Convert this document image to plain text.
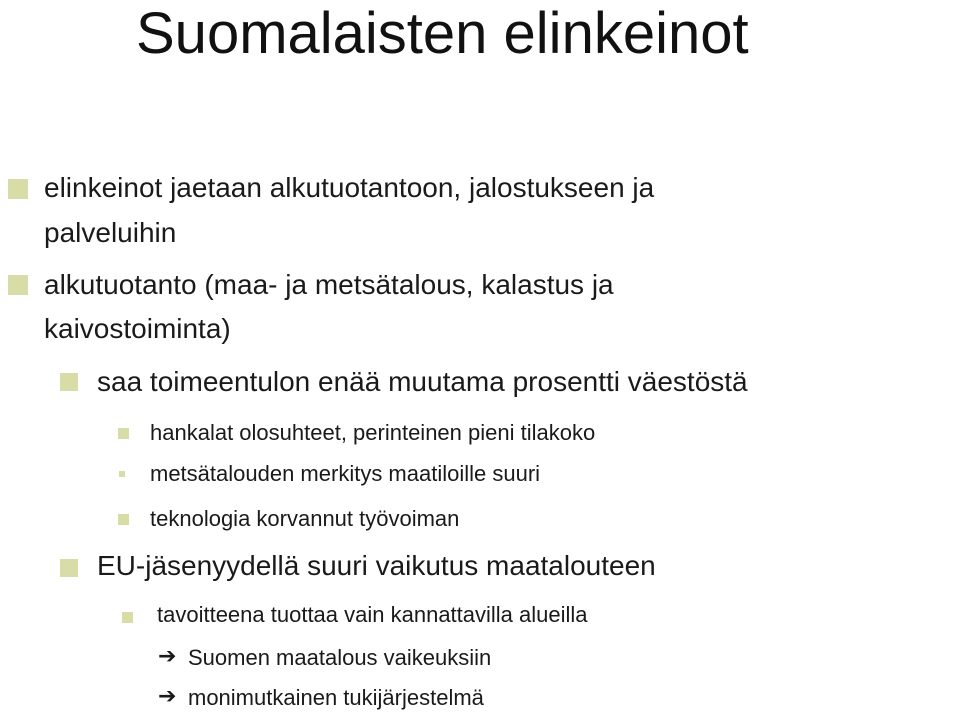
Suomalaisten elinkeinot
elinkeinot jaetaan alkutuotantoon, jalostukseen ja
palveluihin
alkutuotanto (maa- ja metsätalous, kalastus ja
kaivostoiminta)
saa toimeentulon enää muutama prosentti väestöstä
hankalat olosuhteet, perinteinen pieni tilakoko
metsätalouden merkitys maatiloille suuri
teknologia korvannut työvoiman
EU-jäsenyydellä suuri vaikutus maatalouteen
tavoitteena tuottaa vain kannattavilla alueilla
➔ Suomen maatalous vaikeuksiin
➔ monimutkainen tukijärjestelmä
